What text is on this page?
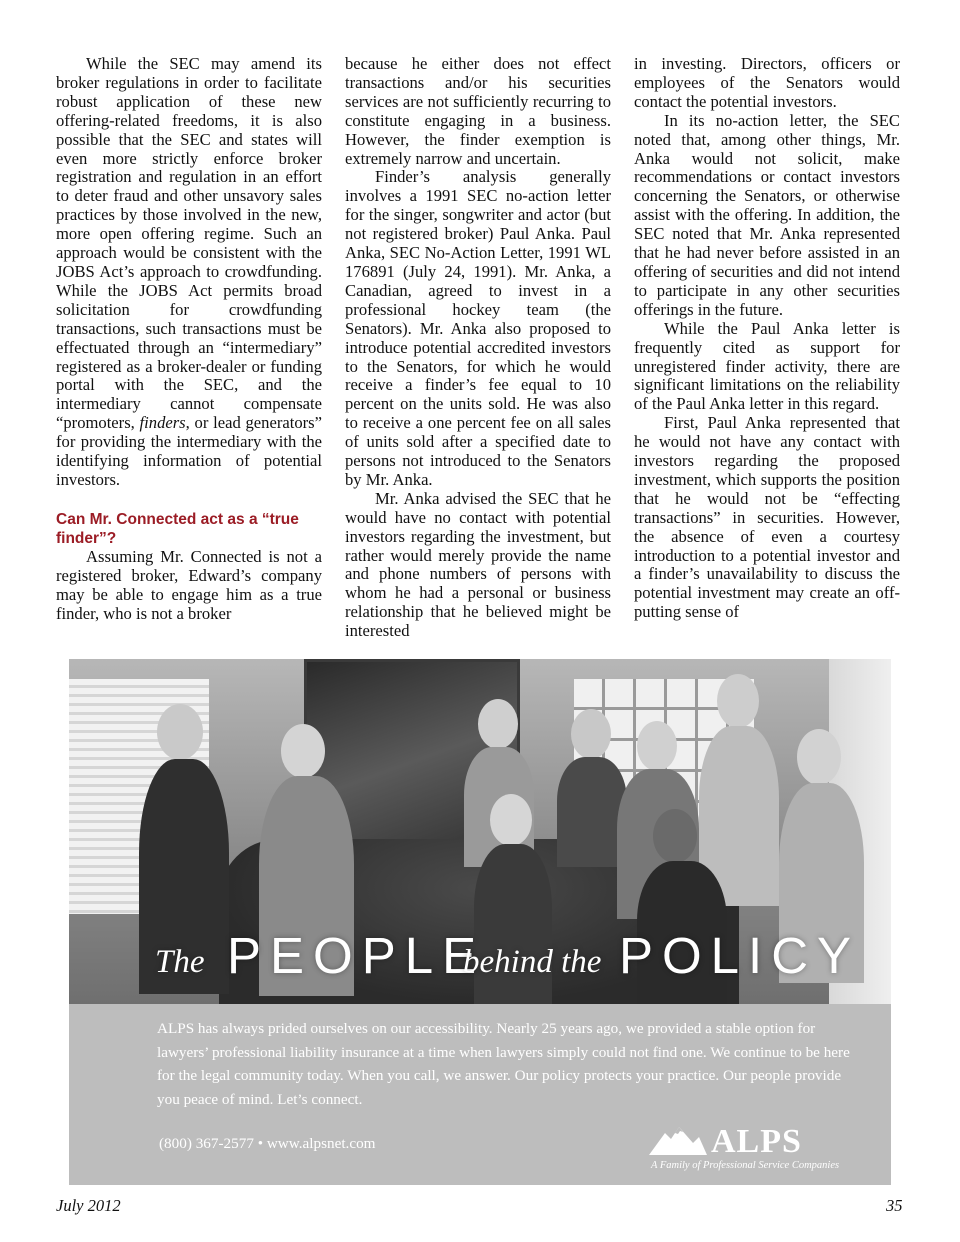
While the SEC may amend its broker regulations in order to facilitate robust application of these new offering-related freedoms, it is also possible that the SEC and states will even more strictly enforce broker registration and regulation in an effort to deter fraud and other unsavory sales practices by those involved in the new, more open offering regime. Such an approach would be consistent with the JOBS Act’s approach to crowdfunding. While the JOBS Act permits broad solicitation for crowdfunding transactions, such transactions must be effectuated through an “intermediary” registered as a broker-dealer or funding portal with the SEC, and the intermediary cannot compensate “promoters, finders, or lead generators” for providing the intermediary with the identifying information of potential investors.

Can Mr. Connected act as a “true finder”?

Assuming Mr. Connected is not a registered broker, Edward’s company may be able to engage him as a true finder, who is not a broker

because he either does not effect transactions and/or his securities services are not sufficiently recurring to constitute engaging in a business. However, the finder exemption is extremely narrow and uncertain.

Finder’s analysis generally involves a 1991 SEC no-action letter for the singer, songwriter and actor (but not registered broker) Paul Anka. Paul Anka, SEC No-Action Letter, 1991 WL 176891 (July 24, 1991). Mr. Anka, a Canadian, agreed to invest in a professional hockey team (the Senators). Mr. Anka also proposed to introduce potential accredited investors to the Senators, for which he would receive a finder’s fee equal to 10 percent on the units sold. He was also to receive a one percent fee on all sales of units sold after a specified date to persons not introduced to the Senators by Mr. Anka.

Mr. Anka advised the SEC that he would have no contact with potential investors regarding the investment, but rather would merely provide the name and phone numbers of persons with whom he had a personal or business relationship that he believed might be interested

in investing. Directors, officers or employees of the Senators would contact the potential investors.

In its no-action letter, the SEC noted that, among other things, Mr. Anka would not solicit, make recommendations or contact investors concerning the Senators, or otherwise assist with the offering. In addition, the SEC noted that Mr. Anka represented that he had never before assisted in an offering of securities and did not intend to participate in any other securities offerings in the future.

While the Paul Anka letter is frequently cited as support for unregistered finder activity, there are significant limitations on the reliability of the Paul Anka letter in this regard.

First, Paul Anka represented that he would not have any contact with investors regarding the proposed investment, which supports the position that he would not be “effecting transactions” in securities. However, the absence of even a courtesy introduction to a potential investor and a finder’s unavailability to discuss the potential investment may create an off-putting sense of

The PEOPLE
behind the POLICY
ALPS has always prided ourselves on our accessibility. Nearly 25 years ago, we provided a stable option for lawyers’ professional liability insurance at a time when lawyers simply could not find one. We continue to be here for the legal community today. When you call, we answer. Our policy protects your practice. Our people provide you peace of mind. Let’s connect.
(800) 367-2577 • www.alpsnet.com	ALPS
A Family of Professional Service Companies
July 2012	35
